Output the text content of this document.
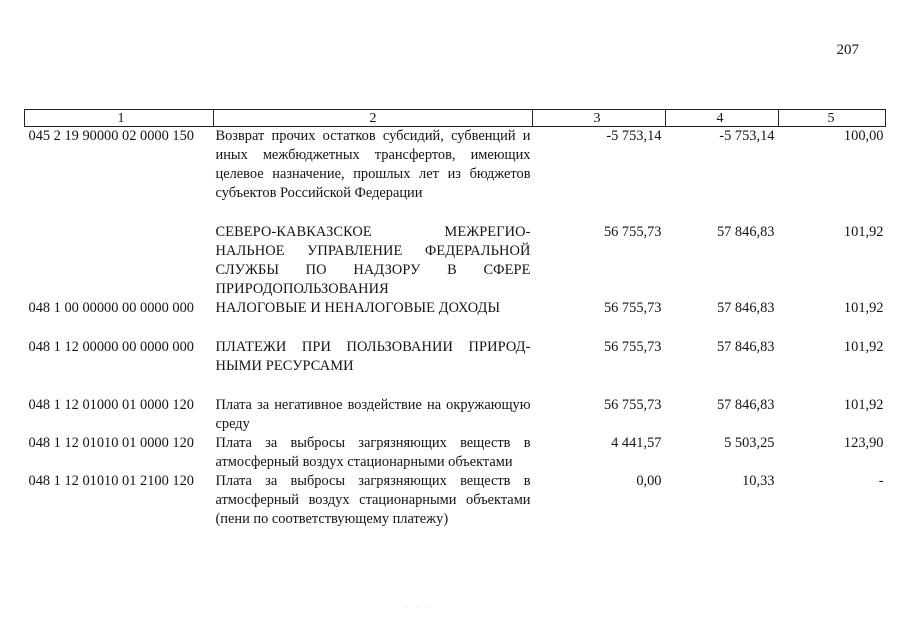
207
1	2	3	4	5
045 2 19 90000 02 0000 150	Возврат прочих остатков субсидий, субвенций и иных межбюджетных трансфертов, имеющих целевое назначение, прошлых лет из бюджетов субъектов Российской Федерации	-5 753,14	-5 753,14	100,00

	СЕВЕРО-КАВКАЗСКОЕ МЕЖРЕГИО-НАЛЬНОЕ УПРАВЛЕНИЕ ФЕДЕРАЛЬНОЙ СЛУЖБЫ ПО НАДЗОРУ В СФЕРЕ ПРИРОДОПОЛЬЗОВАНИЯ	56 755,73	57 846,83	101,92
048 1 00 00000 00 0000 000	НАЛОГОВЫЕ И НЕНАЛОГОВЫЕ ДОХОДЫ	56 755,73	57 846,83	101,92
048 1 12 00000 00 0000 000	ПЛАТЕЖИ ПРИ ПОЛЬЗОВАНИИ ПРИРОД-НЫМИ РЕСУРСАМИ	56 755,73	57 846,83	101,92
048 1 12 01000 01 0000 120	Плата за негативное воздействие на окружающую среду	56 755,73	57 846,83	101,92
048 1 12 01010 01 0000 120	Плата за выбросы загрязняющих веществ в атмосферный воздух стационарными объектами	4 441,57	5 503,25	123,90
048 1 12 01010 01 2100 120	Плата за выбросы загрязняющих веществ в атмосферный воздух стационарными объектами (пени по соответствующему платежу)	0,00	10,33	-
· · ·
